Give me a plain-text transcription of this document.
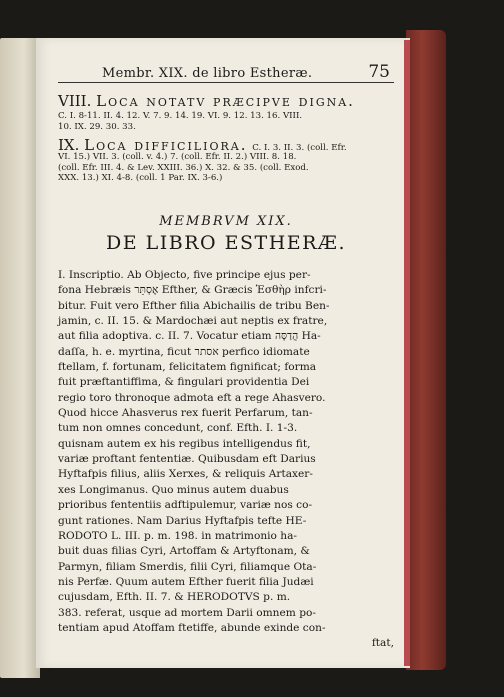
Membr. XIX. de libro Estheræ.	75
VIII. Loca notatv præcipve digna.
C. I. 8-11. II. 4. 12. V. 7. 9. 14. 19. VI. 9. 12. 13. 16. VIII.
10. IX. 29. 30. 33.
IX. Loca difficiliora. C. I. 3. II. 3. (coll. Efr.
VI. 15.) VII. 3. (coll. v. 4.) 7. (coll. Efr. II. 2.) VIII. 8. 18.
(coll. Efr. III. 4. & Lev. XXIII. 36.) X. 32. & 35. (coll. Exod.
XXX. 13.) XI. 4-8. (coll. 1 Par. IX. 3-6.)
MEMBRVM XIX.
DE LIBRO ESTHERÆ.
I. Inscriptio. Ab Objecto, five principe ejus per-
fona Hebræis אֶסְתֵּר Efther, & Græcis Ἐσθὴρ infcri-
bitur. Fuit vero Efther filia Abichailis de tribu Ben-
jamin, c. II. 15. & Mardochæi aut neptis ex fratre,
aut filia adoptiva. c. II. 7. Vocatur etiam הֲדַסָּה Ha-
daſſa, h. e. myrtina, ficut אסתר perfico idiomate
ftellam, f. fortunam, felicitatem fignificat; forma
fuit præftantiffima, & fingulari providentia Dei
regio toro thronoque admota eft a rege Ahasvero.
Quod hicce Ahasverus rex fuerit Perfarum, tan-
tum non omnes concedunt, conf. Efth. I. 1-3.
quisnam autem ex his regibus intelligendus fit,
variæ proftant fententiæ. Quibusdam eft Darius
Hyftafpis filius, aliis Xerxes, & reliquis Artaxer-
xes Longimanus. Quo minus autem duabus
prioribus fententiis adftipulemur, variæ nos co-
gunt rationes. Nam Darius Hyftafpis tefte HE-
RODOTO L. III. p. m. 198. in matrimonio ha-
buit duas filias Cyri, Artoffam & Artyftonam, &
Parmyn, filiam Smerdis, filii Cyri, filiamque Ota-
nis Perfæ. Quum autem Efther fuerit filia Judæi
cujusdam, Efth. II. 7. & HERODOTVS p. m.
383. referat, usque ad mortem Darii omnem po-
tentiam apud Atoffam ftetiffe, abunde exinde con-
ftat,
